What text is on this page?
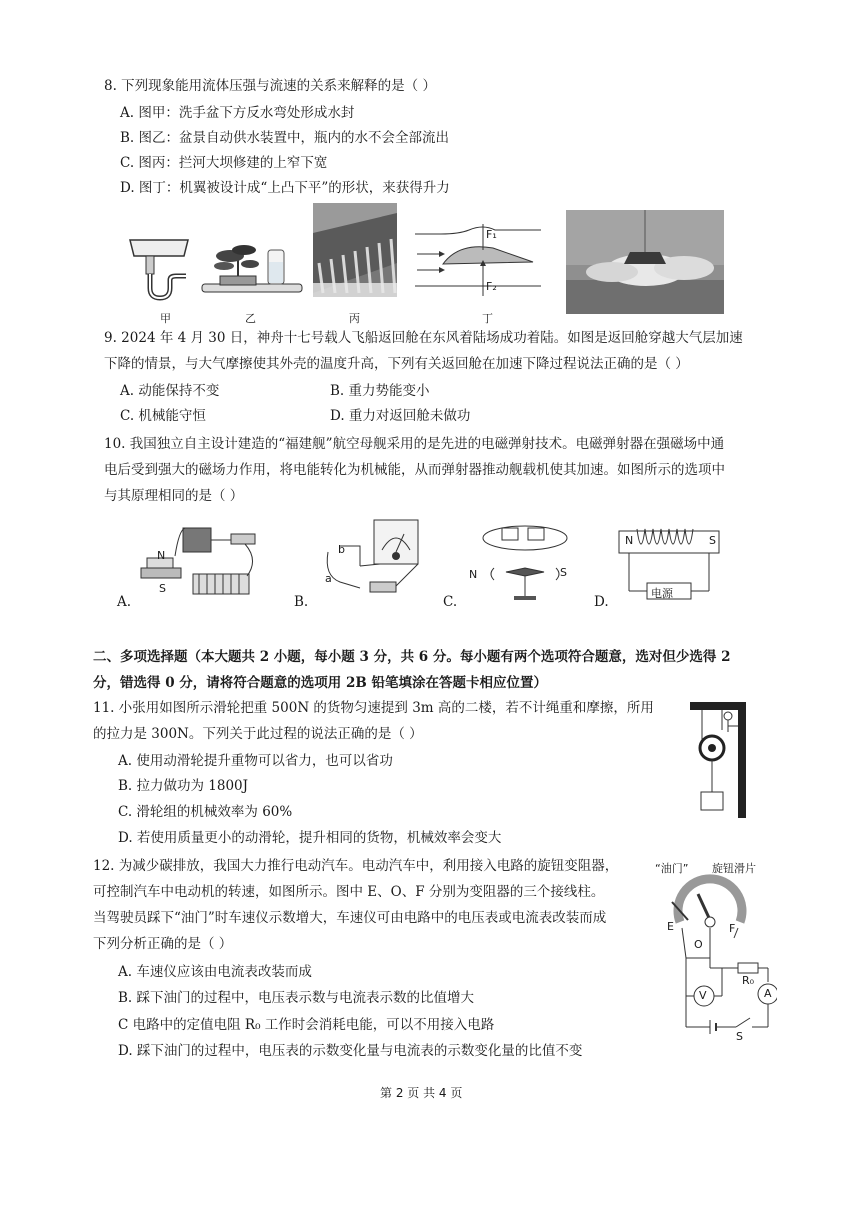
8. 下列现象能用流体压强与流速的关系来解释的是（ ）
A. 图甲：洗手盆下方反水弯处形成水封
B. 图乙：盆景自动供水装置中，瓶内的水不会全部流出
C. 图丙：拦河大坝修建的上窄下宽
D. 图丁：机翼被设计成“上凸下平”的形状，来获得升力
甲	乙	丙
F₁
F₂
丁
9. 2024 年 4 月 30 日，神舟十七号载人飞船返回舱在东风着陆场成功着陆。如图是返回舱穿越大气层加速
下降的情景，与大气摩擦使其外壳的温度升高，下列有关返回舱在加速下降过程说法正确的是（ ）
A. 动能保持不变	B. 重力势能变小
C. 机械能守恒	D. 重力对返回舱未做功
10. 我国独立自主设计建造的“福建舰”航空母舰采用的是先进的电磁弹射技术。电磁弹射器在强磁场中通
电后受到强大的磁场力作用，将电能转化为机械能，从而弹射器推动舰载机使其加速。如图所示的选项中
与其原理相同的是（ ）
N
S
A.
a
b
B.
N	S
C.
N	S
电源
D.
二、多项选择题（本大题共 2 小题，每小题 3 分，共 6 分。每小题有两个选项符合题意，选对但少选得 2
分，错选得 0 分，请将符合题意的选项用 2B 铅笔填涂在答题卡相应位置）
11. 小张用如图所示滑轮把重 500N 的货物匀速提到 3m 高的二楼，若不计绳重和摩擦，所用
的拉力是 300N。下列关于此过程的说法正确的是（ ）
A. 使用动滑轮提升重物可以省力，也可以省功
B. 拉力做功为 1800J
C. 滑轮组的机械效率为 60%
D. 若使用质量更小的动滑轮，提升相同的货物，机械效率会变大
12. 为减少碳排放，我国大力推行电动汽车。电动汽车中，利用接入电路的旋钮变阻器，
可控制汽车中电动机的转速，如图所示。图中 E、O、F 分别为变阻器的三个接线柱。
当驾驶员踩下“油门”时车速仪示数增大，车速仪可由电路中的电压表或电流表改装而成
下列分析正确的是（ ）
A. 车速仪应该由电流表改装而成
B. 踩下油门的过程中，电压表示数与电流表示数的比值增大
C 电路中的定值电阻 R₀ 工作时会消耗电能，可以不用接入电路
D. 踩下油门的过程中，电压表的示数变化量与电流表的示数变化量的比值不变
“油门” 旋钮滑片
E
O
F
R₀
V	A
S
第 2 页 共 4 页
